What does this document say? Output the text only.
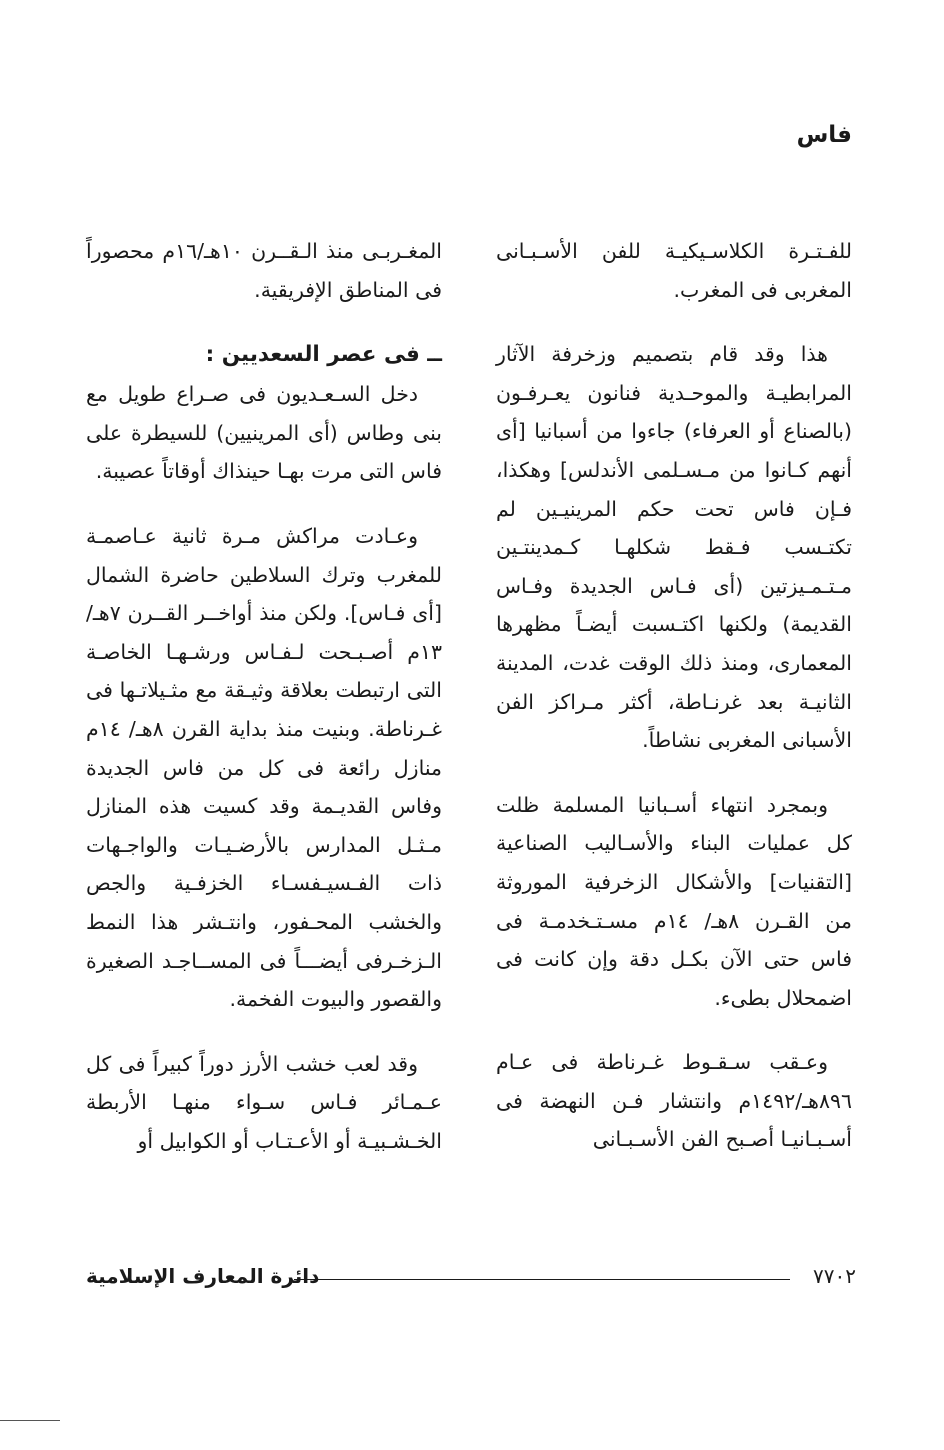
فاس

للفـتـرة الكلاسـيكيـة للفن الأسـبـانى المغربى فى المغرب.

هذا وقد قام بتصميم وزخرفة الآثار المرابطيـة والموحـدية فنانون يعـرفـون (بالصناع أو العرفاء) جاءوا من أسبانيا [أى أنهم كـانوا من مـسـلمى الأندلس] وهكذا، فـإن فاس تحت حكم المرينيـين لم تكتـسب فـقط شكلهـا كـمدينتـين مـتـمـيزتين (أى فـاس الجديدة وفـاس القديمة) ولكنها اكتـسبت أيضـاً مظهرها المعمارى، ومنذ ذلك الوقت غدت، المدينة الثانيـة بعد غرنـاطة، أكثر مـراكز الفن الأسبانى المغربى نشاطاً.

وبمجرد انتهاء أسـبانيا المسلمة ظلت كل عمليات البناء والأسـاليب الصناعية [التقنيات] والأشكال الزخرفية الموروثة من القـرن ٨هـ/ ١٤م مسـتـخدمـة فى فاس حتى الآن بكـل دقة وإن كانت فى اضمحلال بطىء.

وعـقب سـقـوط غـرناطة فى عـام ٨٩٦هـ/١٤٩٢م وانتشار فـن النهضة فى أسـبـانيـا أصـبح الفن الأسـبـانى

المغـربـى منذ الـقــرن ١٠هـ/١٦م محصوراً فى المناطق الإفريقية.

ــ فى عصر السعديين :

دخل السـعـديون فى صـراع طويل مع بنى وطاس (أى المرينيين) للسيطرة على فاس التى مرت بهـا حينذاك أوقاتاً عصيبة.

وعـادت مراكش مـرة ثانية عـاصمـة للمغرب وترك السلاطين حاضرة الشمال [أى فـاس]. ولكن منذ أواخــر القــرن ٧هـ/١٣م أصـبـحت لـفـاس ورشـهـا الخاصـة التى ارتبطت بعلاقة وثيـقة مع مثـيلاتـها فى غـرناطة. وبنيت منذ بداية القرن ٨هـ/ ١٤م منازل رائعة فى كل من فاس الجديدة وفاس القديـمة وقد كسيت هذه المنازل مـثـل المدارس بالأرضـيـات والواجـهات ذات الفـسيـفسـاء الخزفـية والجص والخشب المحـفور، وانتـشر هذا النمط الـزخـرفى أيضـــاً فى المســاجـد الصغيرة والقصور والبيوت الفخمة.

وقد لعب خشب الأرز دوراً كبيراً فى كل عـمـائر فـاس سـواء منهـا الأربطة الخـشـبيـة أو الأعـتـاب أو الكوابيل أو

٧٧٠٢
دائرة المعارف الإسلامية
